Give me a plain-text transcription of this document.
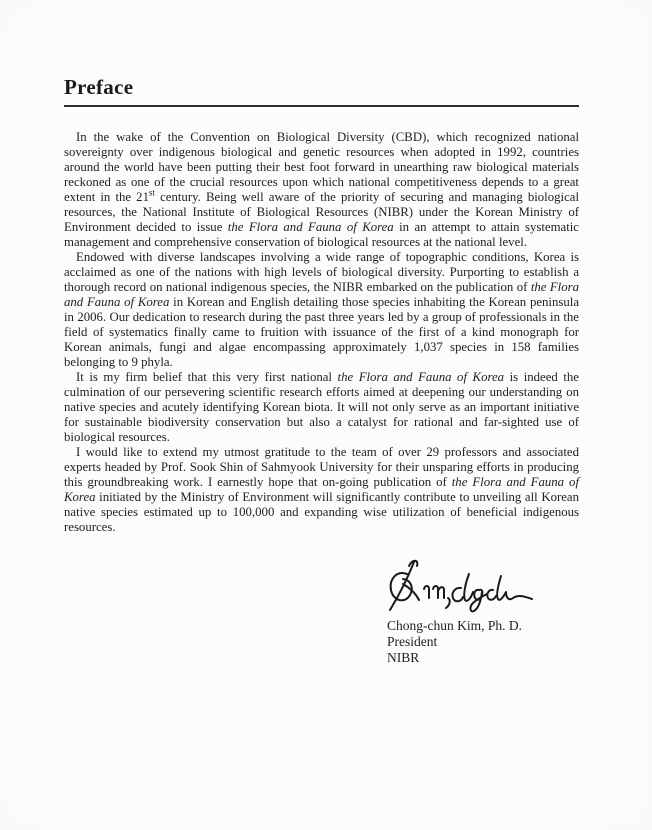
Preface

In the wake of the Convention on Biological Diversity (CBD), which recognized national sovereignty over indigenous biological and genetic resources when adopted in 1992, countries around the world have been putting their best foot forward in unearthing raw biological materials reckoned as one of the crucial resources upon which national competitiveness depends to a great extent in the 21st century. Being well aware of the priority of securing and managing biological resources, the National Institute of Biological Resources (NIBR) under the Korean Ministry of Environment decided to issue the Flora and Fauna of Korea in an attempt to attain systematic management and comprehensive conservation of biological resources at the national level.

Endowed with diverse landscapes involving a wide range of topographic conditions, Korea is acclaimed as one of the nations with high levels of biological diversity. Purporting to establish a thorough record on national indigenous species, the NIBR embarked on the publication of the Flora and Fauna of Korea in Korean and English detailing those species inhabiting the Korean peninsula in 2006. Our dedication to research during the past three years led by a group of professionals in the field of systematics finally came to fruition with issuance of the first of a kind monograph for Korean animals, fungi and algae encompassing approximately 1,037 species in 158 families belonging to 9 phyla.

It is my firm belief that this very first national the Flora and Fauna of Korea is indeed the culmination of our persevering scientific research efforts aimed at deepening our understanding on native species and acutely identifying Korean biota. It will not only serve as an important initiative for sustainable biodiversity conservation but also a catalyst for rational and far-sighted use of biological resources.

I would like to extend my utmost gratitude to the team of over 29 professors and associated experts headed by Prof. Sook Shin of Sahmyook University for their unsparing efforts in producing this groundbreaking work. I earnestly hope that on-going publication of the Flora and Fauna of Korea initiated by the Ministry of Environment will significantly contribute to unveiling all Korean native species estimated up to 100,000 and expanding wise utilization of beneficial indigenous resources.

Chong-chun Kim, Ph. D.
President
NIBR
